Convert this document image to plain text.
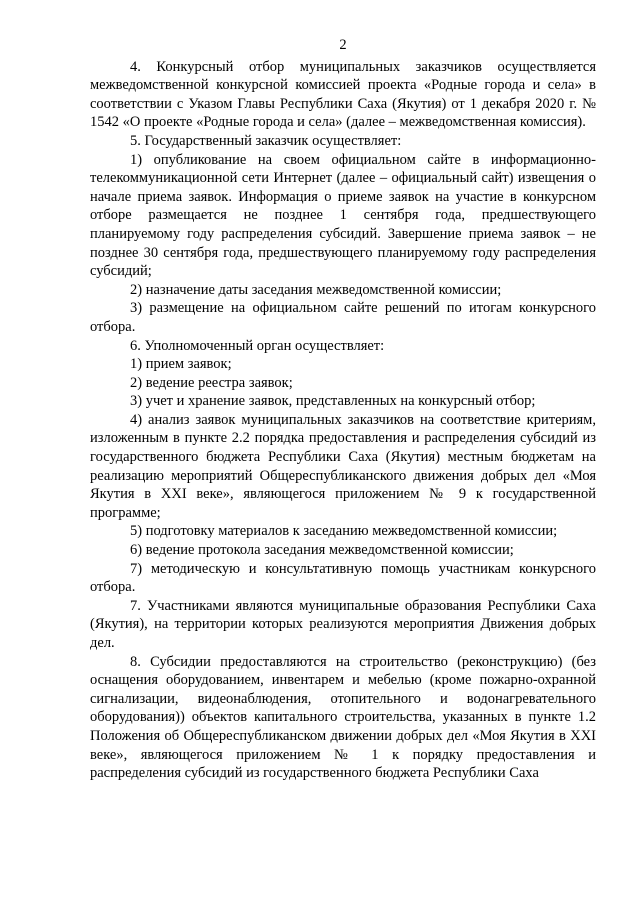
2

4. Конкурсный отбор муниципальных заказчиков осуществляется межведомственной конкурсной комиссией проекта «Родные города и села» в соответствии с Указом Главы Республики Саха (Якутия) от 1 декабря 2020 г. № 1542 «О проекте «Родные города и села» (далее – межведомственная комиссия).

5. Государственный заказчик осуществляет:

1) опубликование на своем официальном сайте в информационно-телекоммуникационной сети Интернет (далее – официальный сайт) извещения о начале приема заявок. Информация о приеме заявок на участие в конкурсном отборе размещается не позднее 1 сентября года, предшествующего планируемому году распределения субсидий. Завершение приема заявок – не позднее 30 сентября года, предшествующего планируемому году распределения субсидий;

2) назначение даты заседания межведомственной комиссии;

3) размещение на официальном сайте решений по итогам конкурсного отбора.

6. Уполномоченный орган осуществляет:

1) прием заявок;

2) ведение реестра заявок;

3) учет и хранение заявок, представленных на конкурсный отбор;

4) анализ заявок муниципальных заказчиков на соответствие критериям, изложенным в пункте 2.2 порядка предоставления и распределения субсидий из государственного бюджета Республики Саха (Якутия) местным бюджетам на реализацию мероприятий Общереспубликанского движения добрых дел «Моя Якутия в XXI веке», являющегося приложением № 9 к государственной программе;

5) подготовку материалов к заседанию межведомственной комиссии;

6) ведение протокола заседания межведомственной комиссии;

7) методическую и консультативную помощь участникам конкурсного отбора.

7. Участниками являются муниципальные образования Республики Саха (Якутия), на территории которых реализуются мероприятия Движения добрых дел.

8. Субсидии предоставляются на строительство (реконструкцию) (без оснащения оборудованием, инвентарем и мебелью (кроме пожарно-охранной сигнализации, видеонаблюдения, отопительного и водонагревательного оборудования)) объектов капитального строительства, указанных в пункте 1.2 Положения об Общереспубликанском движении добрых дел «Моя Якутия в XXI веке», являющегося приложением № 1 к порядку предоставления и распределения субсидий из государственного бюджета Республики Саха
